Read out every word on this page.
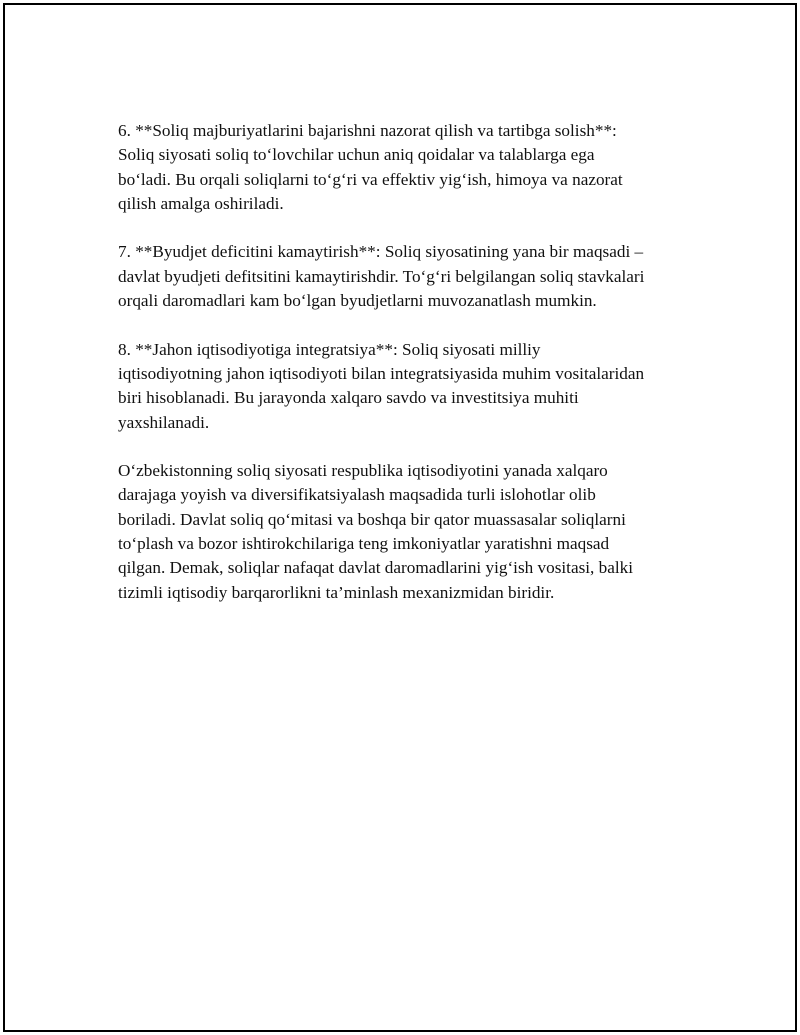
6. **Soliq majburiyatlarini bajarishni nazorat qilish va tartibga solish**:
Soliq siyosati soliq to‘lovchilar uchun aniq qoidalar va talablarga ega
bo‘ladi. Bu orqali soliqlarni to‘g‘ri va effektiv yig‘ish, himoya va nazorat
qilish amalga oshiriladi.

7. **Byudjet deficitini kamaytirish**: Soliq siyosatining yana bir maqsadi –
davlat byudjeti defitsitini kamaytirishdir. To‘g‘ri belgilangan soliq stavkalari
orqali daromadlari kam bo‘lgan byudjetlarni muvozanatlash mumkin.

8. **Jahon iqtisodiyotiga integratsiya**: Soliq siyosati milliy
iqtisodiyotning jahon iqtisodiyoti bilan integratsiyasida muhim vositalaridan
biri hisoblanadi. Bu jarayonda xalqaro savdo va investitsiya muhiti
yaxshilanadi.

O‘zbekistonning soliq siyosati respublika iqtisodiyotini yanada xalqaro
darajaga yoyish va diversifikatsiyalash maqsadida turli islohotlar olib
boriladi. Davlat soliq qo‘mitasi va boshqa bir qator muassasalar soliqlarni
to‘plash va bozor ishtirokchilariga teng imkoniyatlar yaratishni maqsad
qilgan. Demak, soliqlar nafaqat davlat daromadlarini yig‘ish vositasi, balki
tizimli iqtisodiy barqarorlikni ta’minlash mexanizmidan biridir.
